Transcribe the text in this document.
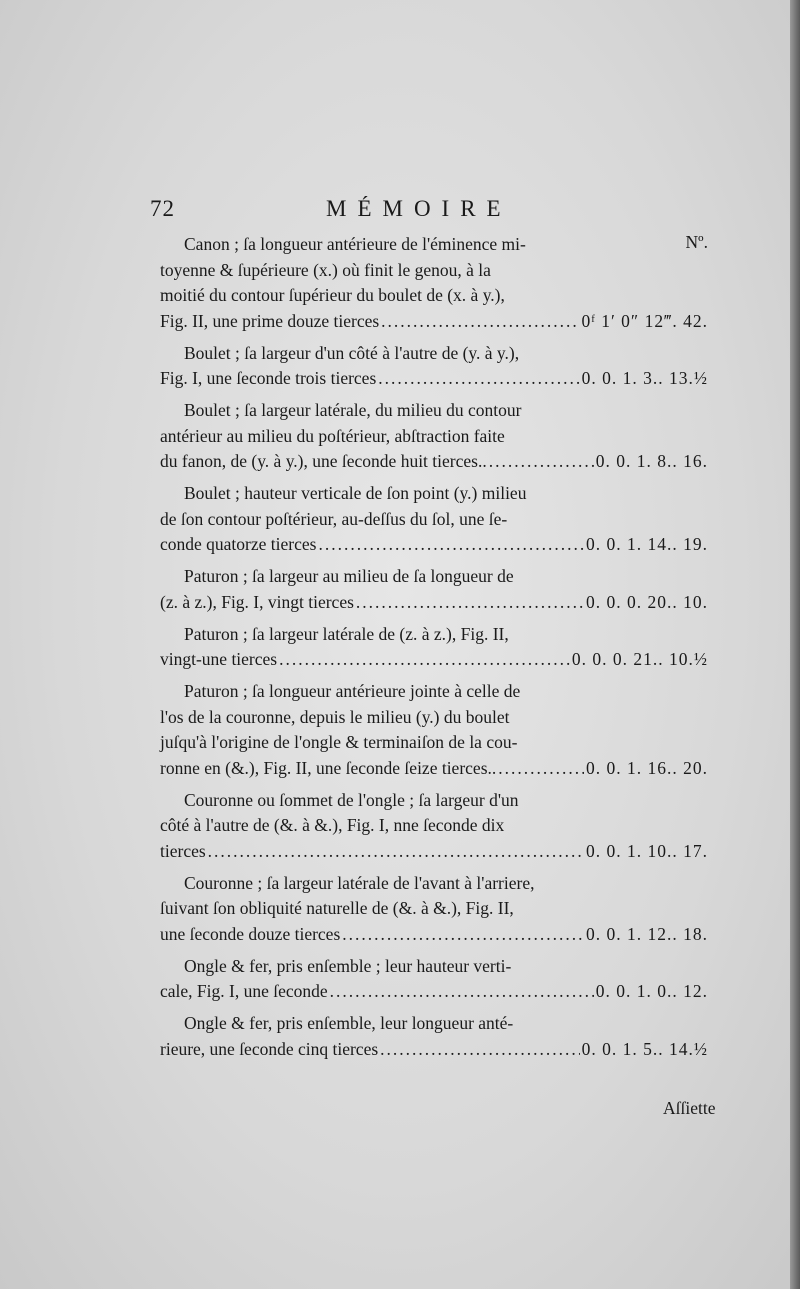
72	MÉMOIRE
Nº.

Canon ; ſa longueur antérieure de l'éminence mi-

toyenne & ſupérieure (x.) où finit le genou, à la

moitié du contour ſupérieur du boulet de (x. à y.),

Fig. II, une prime douze tierces .....	0ᶠ 1′ 0″ 12‴. 42.

Boulet ; ſa largeur d'un côté à l'autre de (y. à y.),

Fig. I, une ſeconde trois tierces .....	0. 0. 1. 3.. 13.½

Boulet ; ſa largeur latérale, du milieu du contour

antérieur au milieu du poſtérieur, abſtraction faite

du fanon, de (y. à y.), une ſeconde huit tierces.. .....	0. 0. 1. 8.. 16.

Boulet ; hauteur verticale de ſon point (y.) milieu

de ſon contour poſtérieur, au-deſſus du ſol, une ſe-

conde quatorze tierces .....	0. 0. 1. 14.. 19.

Paturon ; ſa largeur au milieu de ſa longueur de

(z. à z.), Fig. I, vingt tierces .....	0. 0. 0. 20.. 10.

Paturon ; ſa largeur latérale de (z. à z.), Fig. II,

vingt-une tierces .....	0. 0. 0. 21.. 10.½

Paturon ; ſa longueur antérieure jointe à celle de

l'os de la couronne, depuis le milieu (y.) du boulet

juſqu'à l'origine de l'ongle & terminaiſon de la cou-

ronne en (&.), Fig. II, une ſeconde ſeize tierces.. .....	0. 0. 1. 16.. 20.

Couronne ou ſommet de l'ongle ; ſa largeur d'un

côté à l'autre de (&. à &.), Fig. I, nne ſeconde dix

tierces .....	0. 0. 1. 10.. 17.

Couronne ; ſa largeur latérale de l'avant à l'arriere,

ſuivant ſon obliquité naturelle de (&. à &.), Fig. II,

une ſeconde douze tierces .....	0. 0. 1. 12.. 18.

Ongle & fer, pris enſemble ; leur hauteur verti-

cale, Fig. I, une ſeconde .....	0. 0. 1. 0.. 12.

Ongle & fer, pris enſemble, leur longueur anté-

rieure, une ſeconde cinq tierces .....	0. 0. 1. 5.. 14.½
Aſſiette
